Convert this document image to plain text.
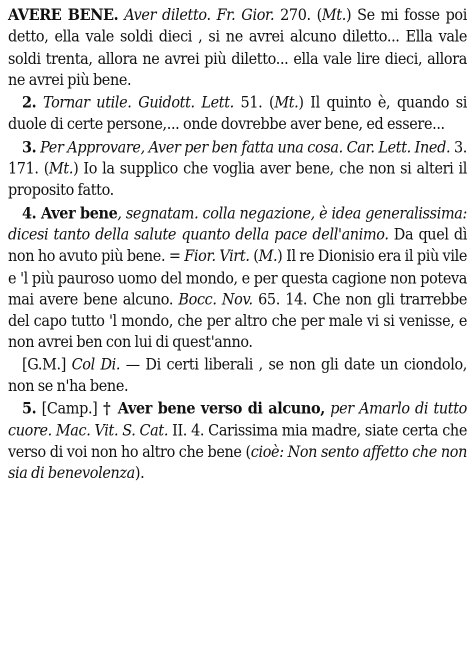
AVERE BENE. Aver diletto. Fr. Gior. 270. (Mt.) Se mi fosse poi detto, ella vale soldi dieci , si ne avrei alcuno diletto... Ella vale soldi trenta, allora ne avrei più diletto... ella vale lire dieci, allora ne avrei più bene.

2. Tornar utile. Guidott. Lett. 51. (Mt.) Il quinto è, quando si duole di certe persone,... onde dovrebbe aver bene, ed essere...

3. Per Approvare, Aver per ben fatta una cosa. Car. Lett. Ined. 3. 171. (Mt.) Io la supplico che voglia aver bene, che non si alteri il proposito fatto.

4. Aver bene, segnatam. colla negazione, è idea generalissima: dicesi tanto della salute quanto della pace dell'animo. Da quel dì non ho avuto più bene. = Fior. Virt. (M.) Il re Dionisio era il più vile e 'l più pauroso uomo del mondo, e per questa cagione non poteva mai avere bene alcuno. Bocc. Nov. 65. 14. Che non gli trarrebbe del capo tutto 'l mondo, che per altro che per male vi si venisse, e non avrei ben con lui di quest'anno.

[G.M.] Col Di. — Di certi liberali , se non gli date un ciondolo, non se n'ha bene.

5. [Camp.] † Aver bene verso di alcuno, per Amarlo di tutto cuore. Mac. Vit. S. Cat. II. 4. Carissima mia madre, siate certa che verso di voi non ho altro che bene (cioè: Non sento affetto che non sia di benevolenza).
